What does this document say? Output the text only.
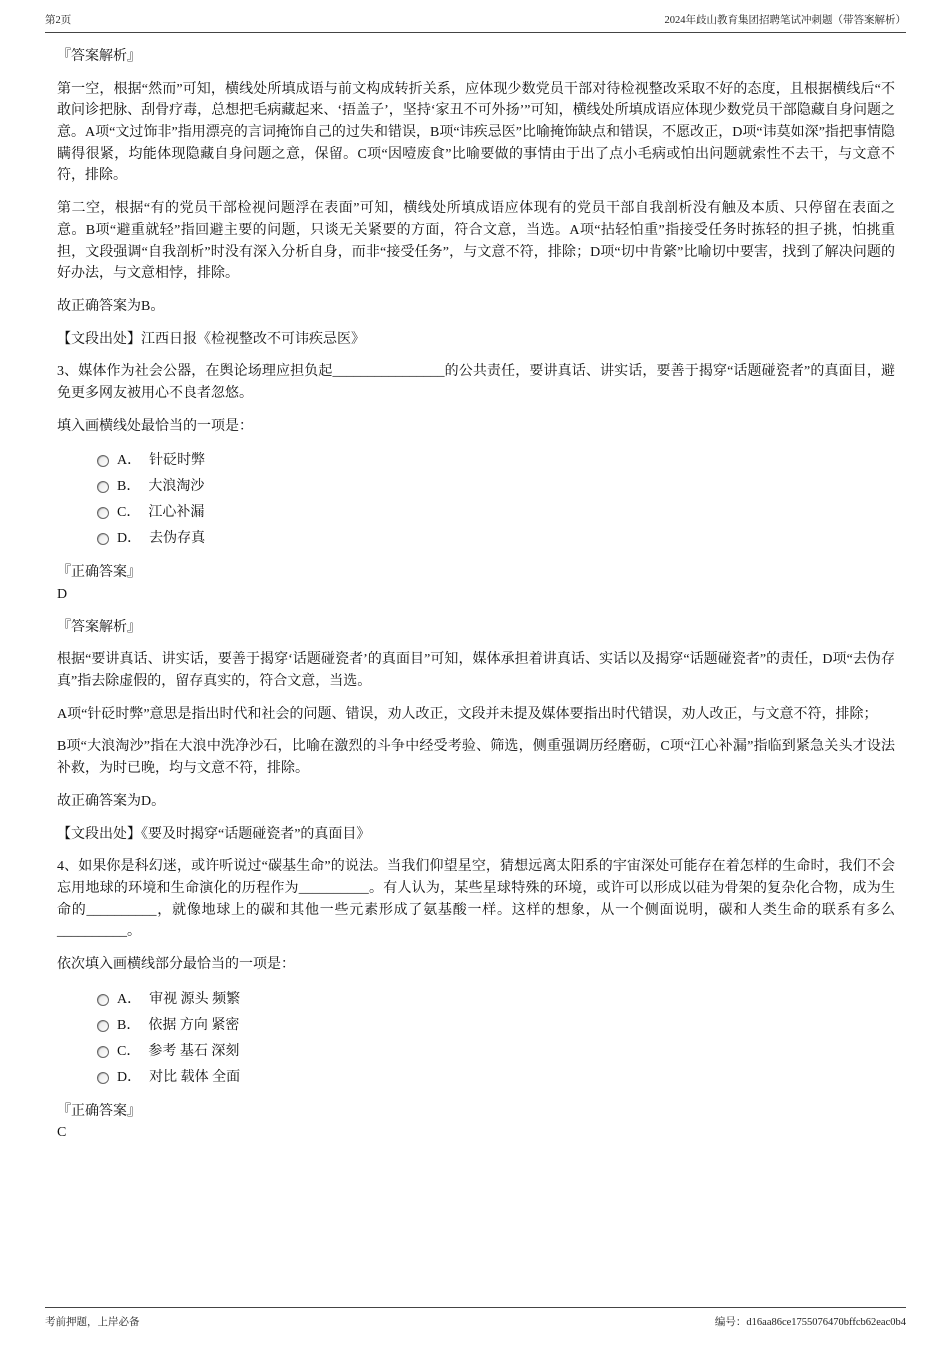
第2页	2024年歧山教育集团招聘笔试冲刺题（带答案解析）

『答案解析』

第一空，根据“然而”可知，横线处所填成语与前文构成转折关系，应体现少数党员干部对待检视整改采取不好的态度，且根据横线后“不敢问诊把脉、刮骨疗毒，总想把毛病藏起来、‘捂盖子’，坚持‘家丑不可外扬’”可知，横线处所填成语应体现少数党员干部隐藏自身问题之意。A项“文过饰非”指用漂亮的言词掩饰自己的过失和错误，B项“讳疾忌医”比喻掩饰缺点和错误，不愿改正，D项“讳莫如深”指把事情隐瞒得很紧，均能体现隐藏自身问题之意，保留。C项“因噎废食”比喻要做的事情由于出了点小毛病或怕出问题就索性不去干，与文意不符，排除。

第二空，根据“有的党员干部检视问题浮在表面”可知，横线处所填成语应体现有的党员干部自我剖析没有触及本质、只停留在表面之意。B项“避重就轻”指回避主要的问题，只谈无关紧要的方面，符合文意，当选。A项“拈轻怕重”指接受任务时拣轻的担子挑，怕挑重担，文段强调“自我剖析”时没有深入分析自身，而非“接受任务”，与文意不符，排除；D项“切中肯綮”比喻切中要害，找到了解决问题的好办法，与文意相悖，排除。

故正确答案为B。

【文段出处】江西日报《检视整改不可讳疾忌医》

3、媒体作为社会公器，在舆论场理应担负起________________的公共责任，要讲真话、讲实话，要善于揭穿“话题碰瓷者”的真面目，避免更多网友被用心不良者忽悠。

填入画横线处最恰当的一项是：

A． 针砭时弊
B． 大浪淘沙
C． 江心补漏
D． 去伪存真

『正确答案』

D

『答案解析』

根据“要讲真话、讲实话，要善于揭穿‘话题碰瓷者’的真面目”可知，媒体承担着讲真话、实话以及揭穿“话题碰瓷者”的责任，D项“去伪存真”指去除虚假的，留存真实的，符合文意，当选。

A项“针砭时弊”意思是指出时代和社会的问题、错误，劝人改正，文段并未提及媒体要指出时代错误，劝人改正，与文意不符，排除；

B项“大浪淘沙”指在大浪中洗净沙石，比喻在激烈的斗争中经受考验、筛选，侧重强调历经磨砺，C项“江心补漏”指临到紧急关头才设法补救，为时已晚，均与文意不符，排除。

故正确答案为D。

【文段出处】《要及时揭穿“话题碰瓷者”的真面目》

4、如果你是科幻迷，或许听说过“碳基生命”的说法。当我们仰望星空，猜想远离太阳系的宇宙深处可能存在着怎样的生命时，我们不会忘用地球的环境和生命演化的历程作为__________。有人认为，某些星球特殊的环境，或许可以形成以硅为骨架的复杂化合物，成为生命的__________，就像地球上的碳和其他一些元素形成了氨基酸一样。这样的想象，从一个侧面说明，碳和人类生命的联系有多么__________。

依次填入画横线部分最恰当的一项是：

A． 审视 源头 频繁
B． 依据 方向 紧密
C． 参考 基石 深刻
D． 对比 载体 全面

『正确答案』

C

考前押题，上岸必备	编号：d16aa86ce1755076470bffcb62eac0b4
